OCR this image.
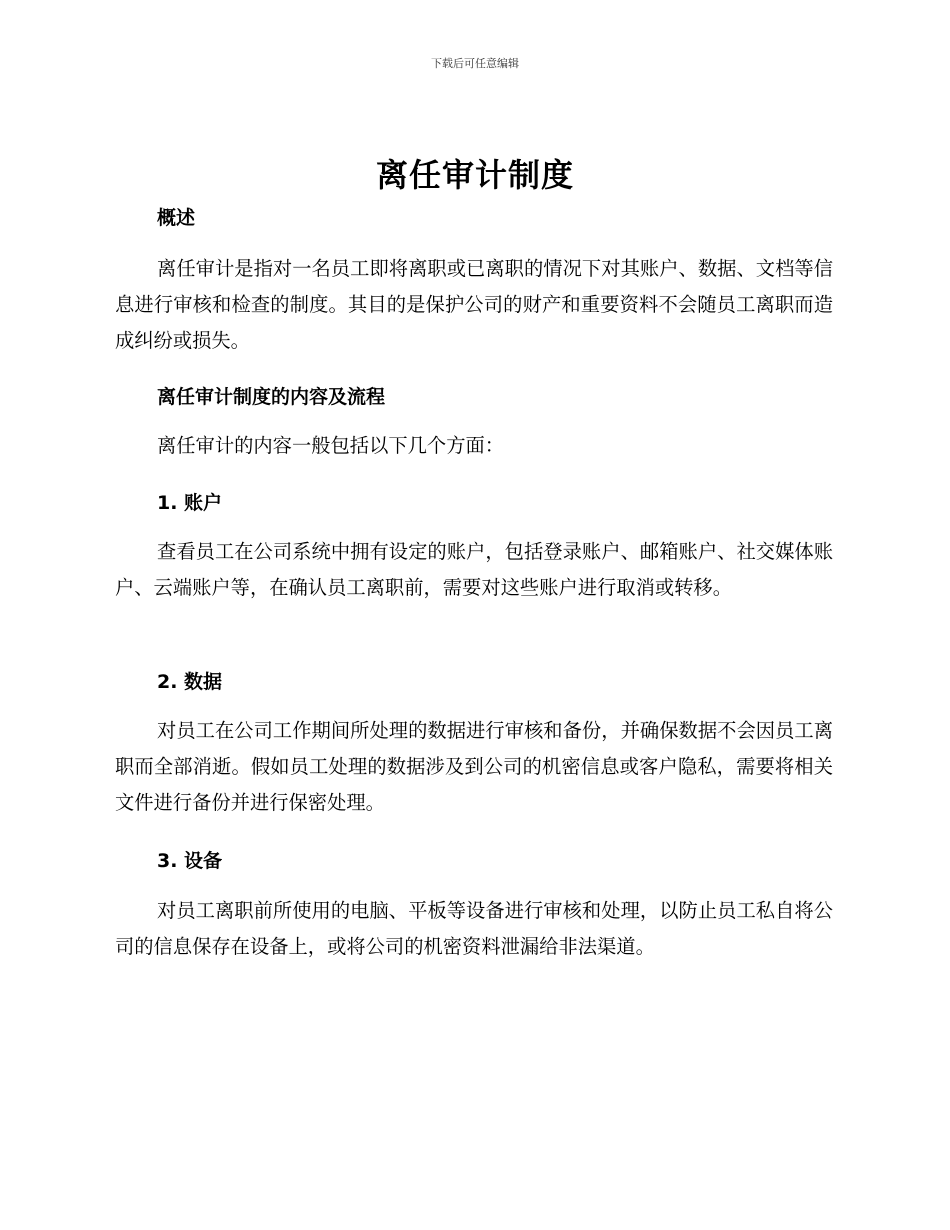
下载后可任意编辑
离任审计制度
概述

离任审计是指对一名员工即将离职或已离职的情况下对其账户、数据、文档等信息进行审核和检查的制度。其目的是保护公司的财产和重要资料不会随员工离职而造成纠纷或损失。

离任审计制度的内容及流程

离任审计的内容一般包括以下几个方面：

1. 账户

查看员工在公司系统中拥有设定的账户，包括登录账户、邮箱账户、社交媒体账户、云端账户等，在确认员工离职前，需要对这些账户进行取消或转移。

2. 数据

对员工在公司工作期间所处理的数据进行审核和备份，并确保数据不会因员工离职而全部消逝。假如员工处理的数据涉及到公司的机密信息或客户隐私，需要将相关文件进行备份并进行保密处理。

3. 设备

对员工离职前所使用的电脑、平板等设备进行审核和处理，以防止员工私自将公司的信息保存在设备上，或将公司的机密资料泄漏给非法渠道。
